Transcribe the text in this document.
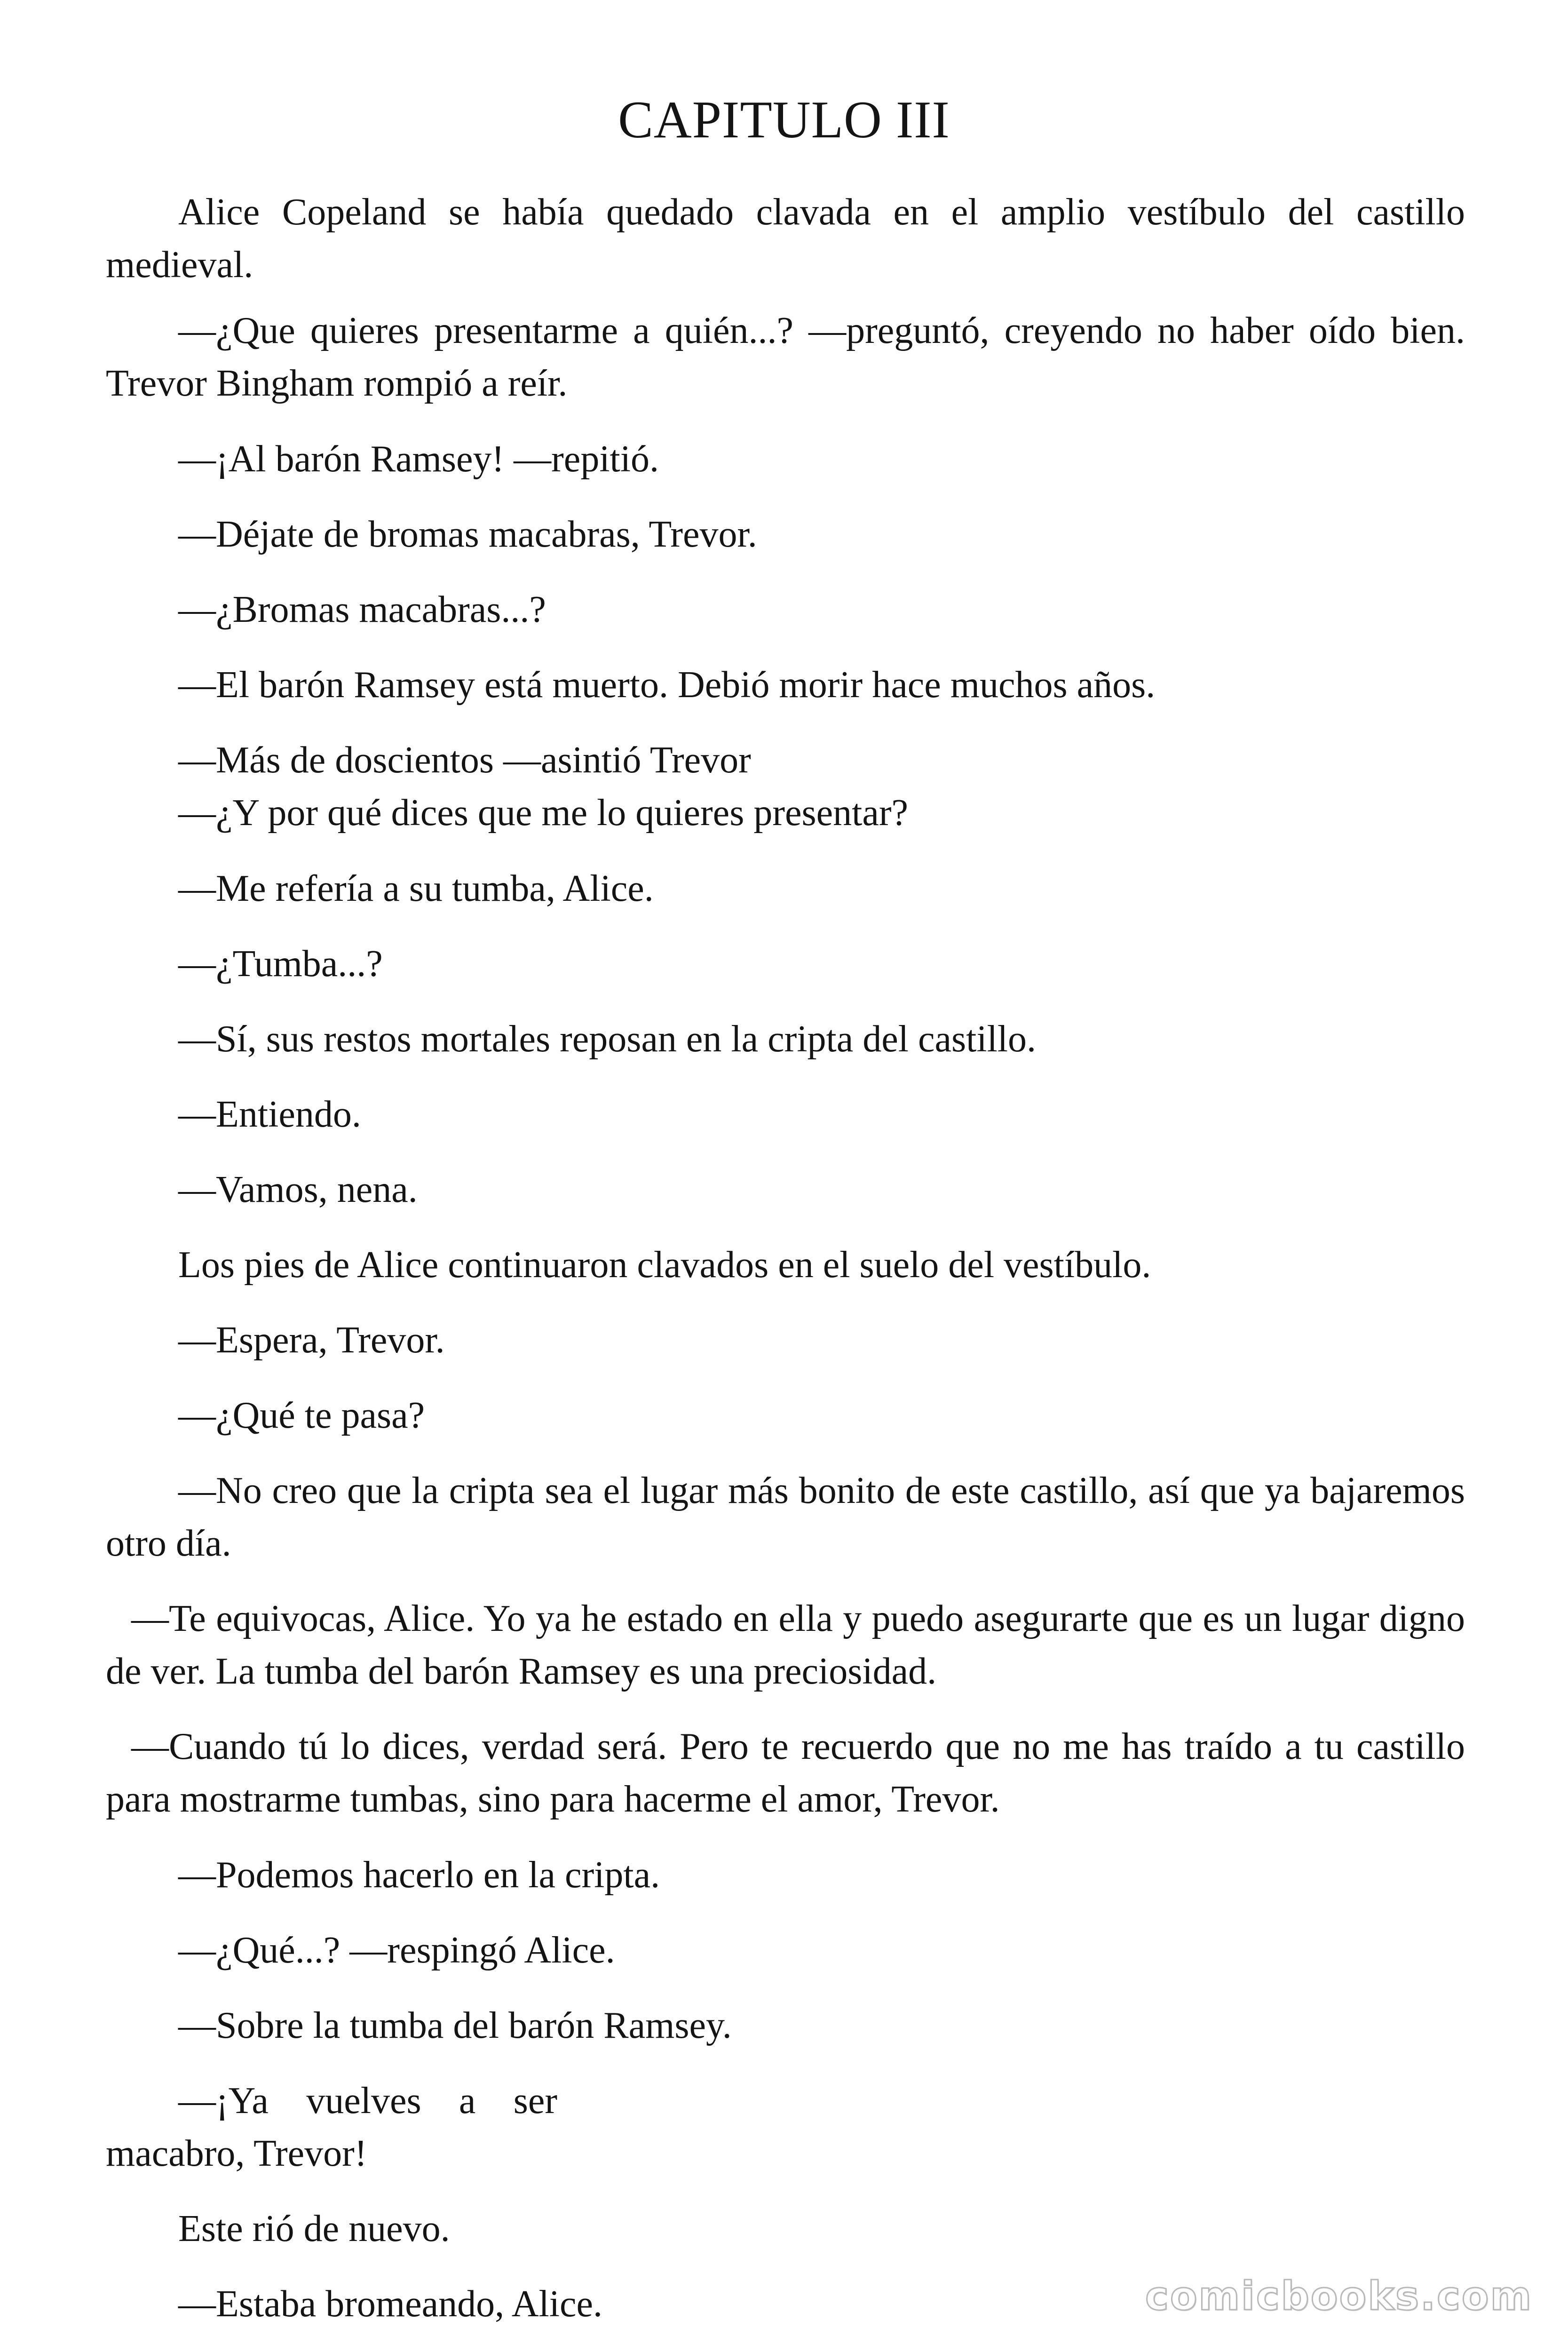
CAPITULO III

Alice Copeland se había quedado clavada en el amplio vestíbulo del castillo medieval.

—¿Que quieres presentarme a quién...? —preguntó, creyendo no haber oído bien. Trevor Bingham rompió a reír.

—¡Al barón Ramsey! —repitió.

—Déjate de bromas macabras, Trevor.

—¿Bromas macabras...?

—El barón Ramsey está muerto. Debió morir hace muchos años.

—Más de doscientos —asintió Trevor

—¿Y por qué dices que me lo quieres presentar?

—Me refería a su tumba, Alice.

—¿Tumba...?

—Sí, sus restos mortales reposan en la cripta del castillo.

—Entiendo.

—Vamos, nena.

Los pies de Alice continuaron clavados en el suelo del vestíbulo.

—Espera, Trevor.

—¿Qué te pasa?

—No creo que la cripta sea el lugar más bonito de este castillo, así que ya bajaremos otro día.

—Te equivocas, Alice. Yo ya he estado en ella y puedo asegurarte que es un lugar digno de ver. La tumba del barón Ramsey es una preciosidad.

—Cuando tú lo dices, verdad será. Pero te recuerdo que no me has traído a tu castillo para mostrarme tumbas, sino para hacerme el amor, Trevor.

—Podemos hacerlo en la cripta.

—¿Qué...? —respingó Alice.

—Sobre la tumba del barón Ramsey.

—¡Ya vuelves a ser macabro, Trevor!

Este rió de nuevo.

—Estaba bromeando, Alice.	comicbooks.com
